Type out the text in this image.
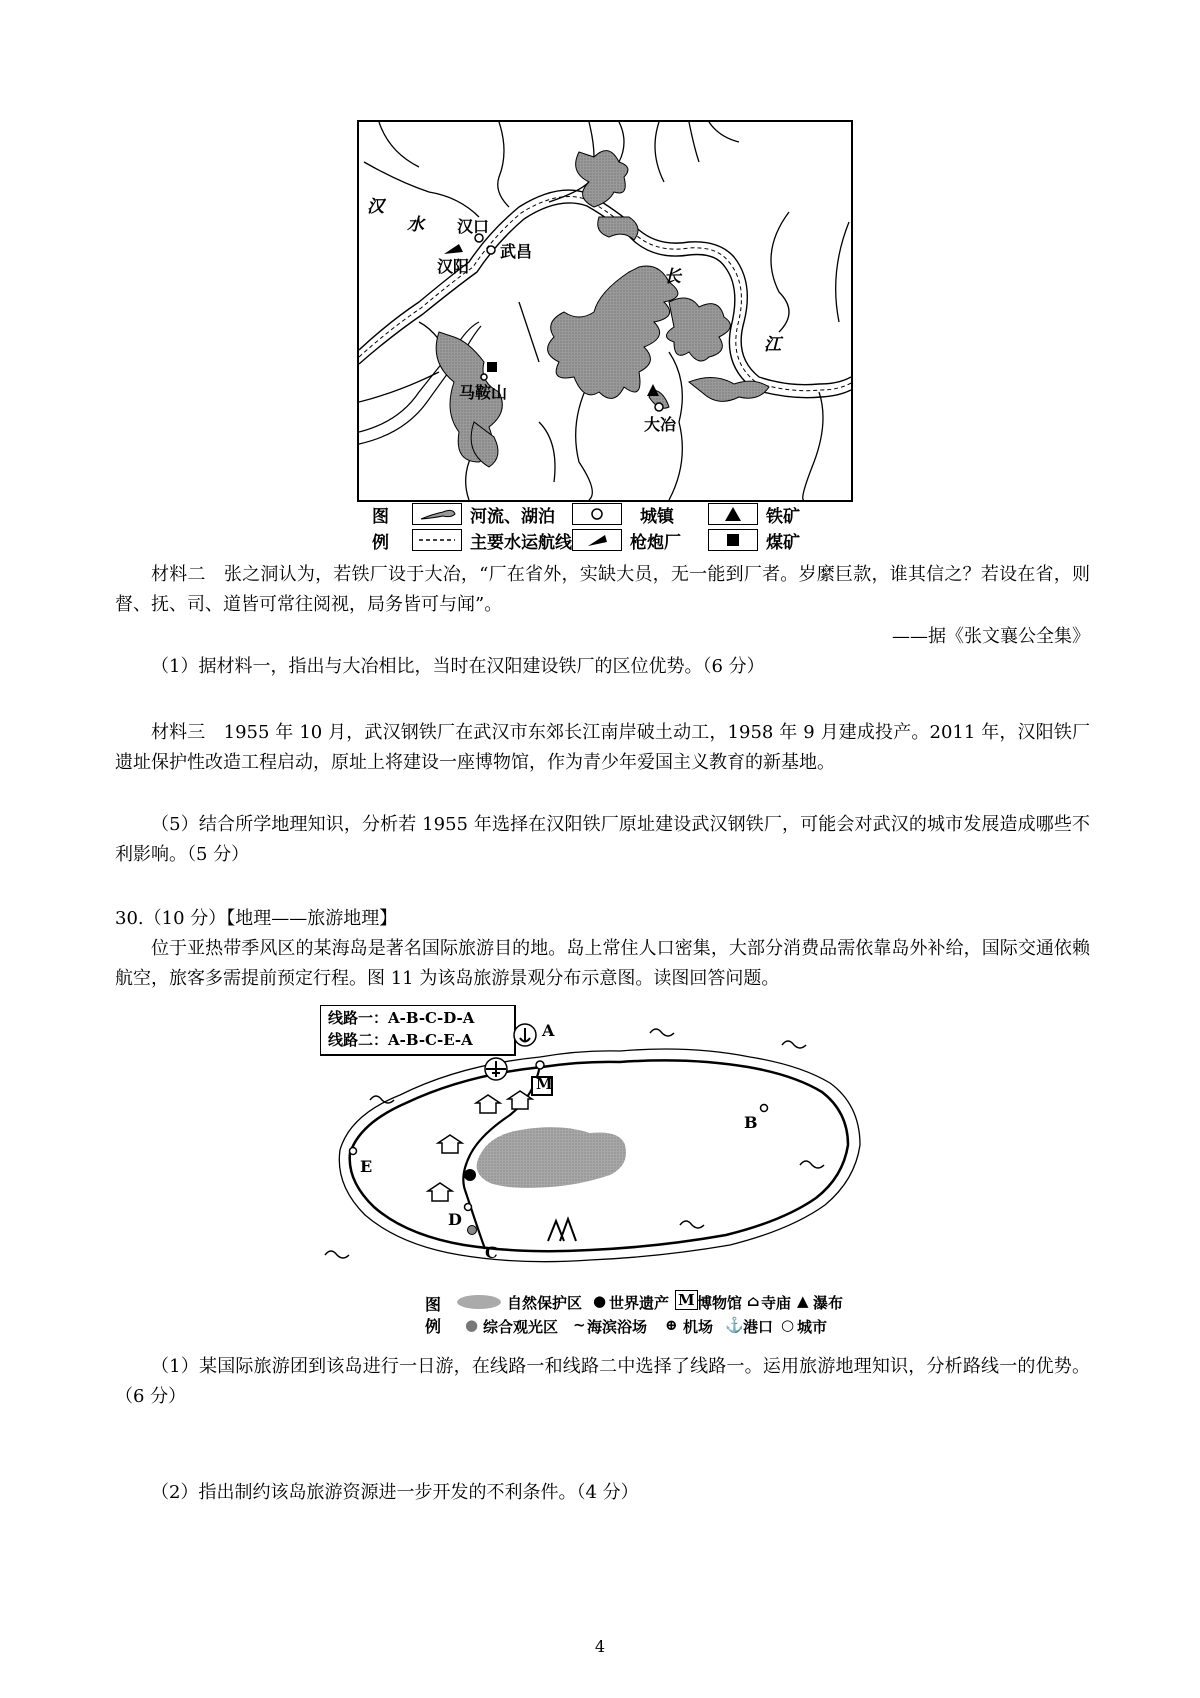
汉
水 汉口
汉阳
武昌
长
江
马鞍山
大冶
图
例
河流、湖泊
主要水运航线
城镇
枪炮厂
铁矿
煤矿
材料二　张之洞认为，若铁厂设于大冶，“厂在省外，实缺大员，无一能到厂者。岁縻巨款，谁其信之？若设在省，则督、抚、司、道皆可常往阅视，局务皆可与闻”。
——据《张文襄公全集》
（1）据材料一，指出与大冶相比，当时在汉阳建设铁厂的区位优势。（6 分）
材料三　1955 年 10 月，武汉钢铁厂在武汉市东郊长江南岸破土动工，1958 年 9 月建成投产。2011 年，汉阳铁厂遗址保护性改造工程启动，原址上将建设一座博物馆，作为青少年爱国主义教育的新基地。
（5）结合所学地理知识，分析若 1955 年选择在汉阳铁厂原址建设武汉钢铁厂，可能会对武汉的城市发展造成哪些不利影响。（5 分）
30.（10 分）【地理——旅游地理】
位于亚热带季风区的某海岛是著名国际旅游目的地。岛上常住人口密集，大部分消费品需依靠岛外补给，国际交通依赖航空，旅客多需提前预定行程。图 11 为该岛旅游景观分布示意图。读图回答问题。
线路一：A-B-C-D-A
线路二：A-B-C-E-A	A
B
C
D
E
M
图
例
自然保护区 ● 世界遗产 M 博物馆 ⌂ 寺庙 ▲ 瀑布
● 综合观光区 ~ 海滨浴场 ⊕ 机场 ⚓ 港口 ○ 城市
（1）某国际旅游团到该岛进行一日游，在线路一和线路二中选择了线路一。运用旅游地理知识，分析路线一的优势。（6 分）
（2）指出制约该岛旅游资源进一步开发的不利条件。（4 分）
4
